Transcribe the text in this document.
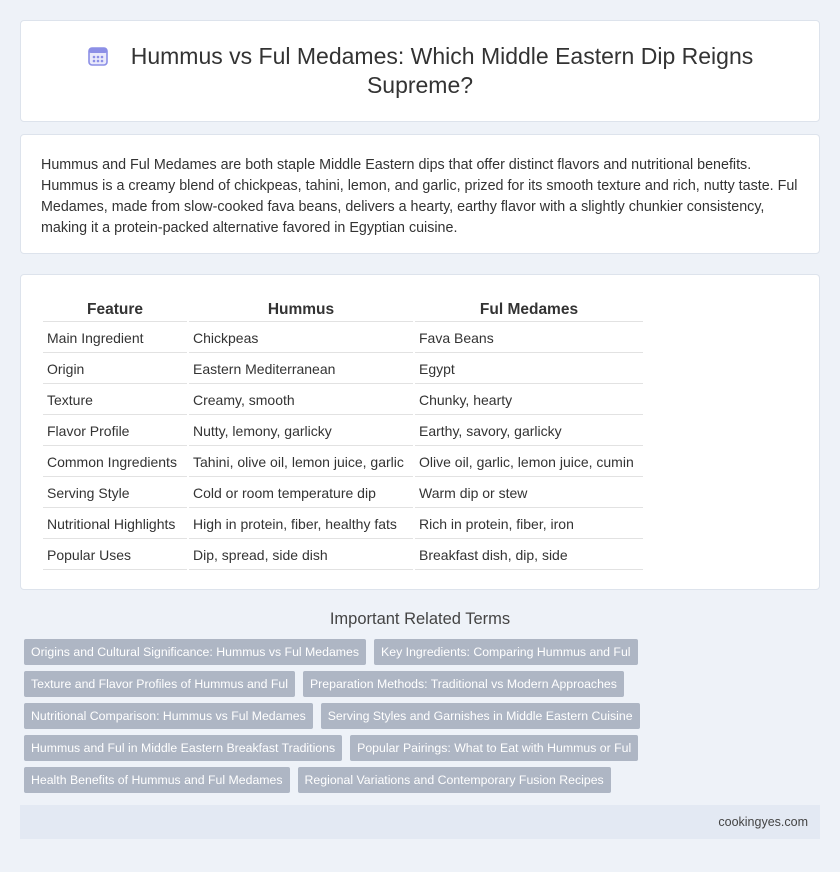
Hummus vs Ful Medames: Which Middle Eastern Dip Reigns Supreme?

Hummus and Ful Medames are both staple Middle Eastern dips that offer distinct flavors and nutritional benefits. Hummus is a creamy blend of chickpeas, tahini, lemon, and garlic, prized for its smooth texture and rich, nutty taste. Ful Medames, made from slow-cooked fava beans, delivers a hearty, earthy flavor with a slightly chunkier consistency, making it a protein-packed alternative favored in Egyptian cuisine.

Feature	Hummus	Ful Medames
Main Ingredient	Chickpeas	Fava Beans
Origin	Eastern Mediterranean	Egypt
Texture	Creamy, smooth	Chunky, hearty
Flavor Profile	Nutty, lemony, garlicky	Earthy, savory, garlicky
Common Ingredients	Tahini, olive oil, lemon juice, garlic	Olive oil, garlic, lemon juice, cumin
Serving Style	Cold or room temperature dip	Warm dip or stew
Nutritional Highlights	High in protein, fiber, healthy fats	Rich in protein, fiber, iron
Popular Uses	Dip, spread, side dish	Breakfast dish, dip, side
Important Related Terms
Origins and Cultural Significance: Hummus vs Ful Medames	Key Ingredients: Comparing Hummus and Ful
Texture and Flavor Profiles of Hummus and Ful	Preparation Methods: Traditional vs Modern Approaches
Nutritional Comparison: Hummus vs Ful Medames	Serving Styles and Garnishes in Middle Eastern Cuisine
Hummus and Ful in Middle Eastern Breakfast Traditions	Popular Pairings: What to Eat with Hummus or Ful
Health Benefits of Hummus and Ful Medames	Regional Variations and Contemporary Fusion Recipes
cookingyes.com
